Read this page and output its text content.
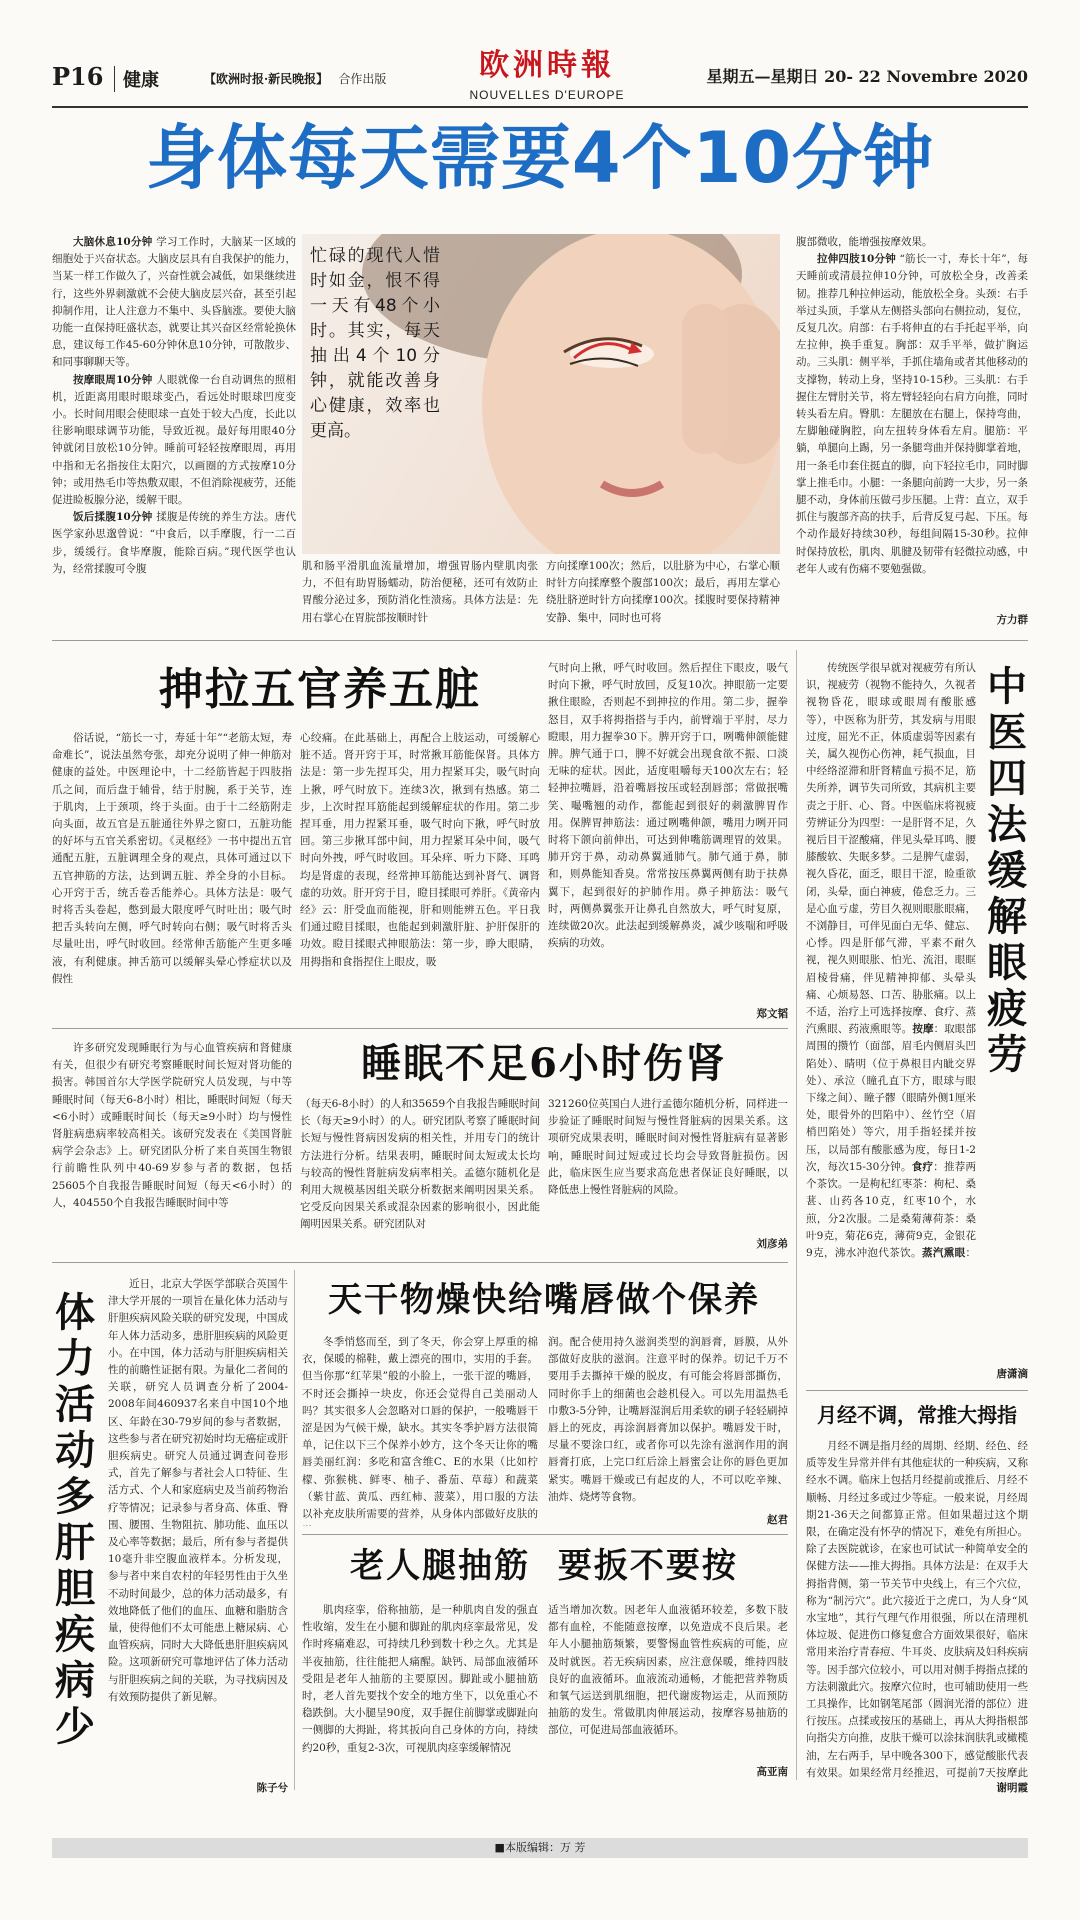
P16	健康	【欧洲时报·新民晚报】 合作出版	欧洲時報
NOUVELLES D'EUROPE
星期五—星期日 20- 22 Novembre 2020
身体每天需要4个10分钟

大脑休息10分钟 学习工作时，大脑某一区域的细胞处于兴奋状态。大脑皮层具有自我保护的能力，当某一样工作做久了，兴奋性就会减低，如果继续进行，这些外界刺激就不会使大脑皮层兴奋，甚至引起抑制作用，让人注意力不集中、头昏脑涨。要使大脑功能一直保持旺盛状态，就要让其兴奋区经常轮换休息，建议每工作45-60分钟休息10分钟，可散散步、和同事聊聊天等。

按摩眼周10分钟 人眼就像一台自动调焦的照相机，近距离用眼时眼球变凸，看远处时眼球凹度变小。长时间用眼会使眼球一直处于较大凸度，长此以往影响眼球调节功能，导致近视。最好每用眼40分钟就闭目放松10分钟。睡前可轻轻按摩眼周，再用中指和无名指按住太阳穴，以画圈的方式按摩10分钟；或用热毛巾等热敷双眼，不但消除视疲劳，还能促进睑板腺分泌，缓解干眼。

饭后揉腹10分钟 揉腹是传统的养生方法。唐代医学家孙思邈曾说：“中食后，以手摩腹，行一二百步，缓缓行。食毕摩腹，能除百病。”现代医学也认为，经常揉腹可令腹

忙碌的现代人惜时如金，恨不得一天有48个小时。其实，每天抽出4个10分钟，就能改善身心健康，效率也更高。

肌和肠平滑肌血流量增加，增强胃肠内壁肌肉张力，不但有助胃肠蠕动，防治便秘，还可有效防止胃酸分泌过多，预防消化性溃疡。具体方法是：先用右掌心在胃脘部按顺时针

方向揉摩100次；然后，以肚脐为中心，右掌心顺时针方向揉摩整个腹部100次；最后，再用左掌心绕肚脐逆时针方向揉摩100次。揉腹时要保持精神安静、集中，同时也可将

腹部微收，能增强按摩效果。

拉伸四肢10分钟 “筋长一寸，寿长十年”，每天睡前或清晨拉伸10分钟，可放松全身，改善柔韧。推荐几种拉伸运动，能放松全身。头颈：右手举过头顶，手掌从左侧搭头部向右侧拉动，复位，反复几次。肩部：右手将伸直的右手托起平举，向左拉伸，换手重复。胸部：双手平举，做扩胸运动。三头肌：侧平举，手抓住墙角或者其他移动的支撑物，转动上身，坚持10-15秒。三头肌：右手握住左臂肘关节，将左臂轻轻向右肩方向推，同时转头看左肩。臀肌：左腿放在右腿上，保持弯曲，左脚触碰胸腔，向左扭转身体看左肩。腿筋：平躺，单腿向上踢，另一条腿弯曲并保持脚掌着地，用一条毛巾套住挺直的脚，向下轻拉毛巾，同时脚掌上推毛巾。小腿：一条腿向前跨一大步，另一条腿不动，身体前压做弓步压腿。上背：直立，双手抓住与腹部齐高的扶手，后背反复弓起、下压。每个动作最好持续30秒，每组间隔15-30秒。拉伸时保持放松，肌肉、肌腱及韧带有轻微拉动感，中老年人或有伤痛不要勉强做。

方力群
抻拉五官养五脏

俗话说，“筋长一寸，寿延十年”“老筋太短，寿命难长”，说法虽然夸张，却充分说明了伸一伸筋对健康的益处。中医理论中，十二经筋皆起于四肢指爪之间，而后盘于辅骨，结于肘腕，系于关节，连于肌肉，上于颈项，终于头面。由于十二经筋附走向头面，故五官是五脏通往外界之窗口，五脏功能的好坏与五官关系密切。《灵枢经》一书中提出五官通配五脏，五脏调理全身的观点，具体可通过以下五官抻筋的方法，达到调五脏、养全身的小目标。心开窍于舌，统舌卷舌能养心。具体方法是：吸气时将舌头卷起，憋到最大限度呼气时吐出；吸气时把舌头转向左侧，呼气时转向右侧；吸气时将舌头尽量吐出，呼气时收回。经常伸舌筋能产生更多唾液，有利健康。抻舌筋可以缓解头晕心悸症状以及假性

心绞痛。在此基础上，再配合上肢运动，可缓解心脏不适。肾开窍于耳，时常揪耳筋能保肾。具体方法是：第一步先捏耳尖，用力捏紧耳尖，吸气时向上揪，呼气时放下。连续3次，揪到有热感。第二步，上次时捏耳筋能起到缓解症状的作用。第二步捏耳垂，用力捏紧耳垂，吸气时向下揪，呼气时放回。第三步揪耳部中间，用力捏紧耳朵中间，吸气时向外拽，呼气时收回。耳朵痒、听力下降、耳鸣均是肾虚的表现，经常抻耳筋能达到补肾气、调肾虚的功效。肝开窍于目，瞪目揉眼可养肝。《黄帝内经》云：肝受血而能视，肝和则能辨五色。平日我们通过瞪目揉眼，也能起到刺激肝脏、护肝保肝的功效。瞪目揉眼式抻眼筋法：第一步，睁大眼睛，用拇指和食指捏住上眼皮，吸

气时向上揪，呼气时收回。然后捏住下眼皮，吸气时向下揪，呼气时放回，反复10次。抻眼筋一定要揪住眼睑，否则起不到抻拉的作用。第二步，握拳怒目，双手将拇指搭与手内，前臂端于平肘，尽力瞪眼，用力握拳30下。脾开窍于口，咧嘴伸颌能健脾。脾气通于口，脾不好就会出现食欲不振、口淡无味的症状。因此，适度咀嚼每天100次左右；轻轻抻拉嘴唇，沿着嘴唇按压或轻刮唇部；常做抿嘴笑、嘬嘴翘的动作，都能起到很好的刺激脾胃作用。保脾胃抻筋法：通过咧嘴伸颌，嘴用力咧开同时将下颌向前伸出，可达到伸嘴筋调理胃的效果。肺开窍于鼻，动动鼻翼通肺气。肺气通于鼻，肺和，则鼻能知香臭。常常按压鼻翼两侧有助于扶鼻翼下，起到很好的护肺作用。鼻子抻筋法：吸气时，两侧鼻翼张开让鼻孔自然放大，呼气时复原，连续做20次。此法起到缓解鼻炎，减少咳喘和呼吸疾病的功效。

郑文韬

传统医学很早就对视疲劳有所认识，视疲劳（视物不能持久，久视者视物昏花，眼球或眼周有酸胀感等），中医称为肝劳，其发病与用眼过度，屈光不正，体质虚弱等因素有关，属久视伤心伤神，耗气损血，目中经络涩滞和肝肾精血亏损不足，筋失所养，调节失司所致，其病机主要责之于肝、心、肾。中医临床将视疲劳辨证分为四型：一是肝肾不足，久视后目干涩酸痛，伴见头晕耳鸣、腰膝酸软、失眠多梦。二是脾气虚弱，视久昏花，面乏，眼目干涩，睑重欲闭，头晕，面白神疲，倦怠乏力。三是心血亏虚，劳目久视则眼胀眼痛，不浏静目，可伴见面白无华、健忘、心悸。四是肝郁气滞，平素不耐久视，视久则眼胀、怕光、流泪，眼眶眉棱骨痛，伴见精神抑郁、头晕头痛、心烦易怒、口苦、胁胀痛。以上不适，治疗上可选择按摩、食疗、蒸汽熏眼、药液熏眼等。按摩：取眼部周围的攒竹（面部，眉毛内侧眉头凹陷处）、睛明（位于鼻根目内眦交界处）、承泣（瞳孔直下方，眼球与眼下缘之间）、瞳子髎（眼睛外侧1厘米处，眼骨外的凹陷中）、丝竹空（眉梢凹陷处）等穴，用手指轻揉并按压，以局部有酸胀感为度，每日1-2次，每次15-30分钟。食疗：推荐两个茶饮。一是枸杞红枣茶：枸杞、桑葚、山药各10克，红枣10个，水煎，分2次服。二是桑菊薄荷茶：桑叶9克，菊花6克，薄荷9克，金银花9克，沸水冲泡代茶饮。蒸汽熏眼：

中医四法缓解眼疲劳
唐潇滴
睡眠不足6小时伤肾

许多研究发现睡眠行为与心血管疾病和肾健康有关，但很少有研究考察睡眠时间长短对肾功能的损害。韩国首尔大学医学院研究人员发现，与中等睡眠时间（每天6-8小时）相比，睡眠时间短（每天<6小时）或睡眠时间长（每天≥9小时）均与慢性肾脏病患病率较高相关。该研究发表在《美国肾脏病学会杂志》上。研究团队分析了来自英国生物银行前瞻性队列中40-69岁参与者的数据，包括25605个自我报告睡眠时间短（每天<6小时）的人，404550个自我报告睡眠时间中等

（每天6-8小时）的人和35659个自我报告睡眠时间长（每天≥9小时）的人。研究团队考察了睡眠时间长短与慢性肾病因发病的相关性，并用专门的统计方法进行分析。结果表明，睡眠时间太短或太长均与较高的慢性肾脏病发病率相关。孟德尔随机化是利用大规模基因组关联分析数据来阐明因果关系。它受反向因果关系或混杂因素的影响很小，因此能阐明因果关系。研究团队对

321260位英国白人进行孟德尔随机分析，同样进一步验证了睡眠时间短与慢性肾脏病的因果关系。这项研究成果表明，睡眠时间对慢性肾脏病有显著影响，睡眠时间过短或过长均会导致肾脏损伤。因此，临床医生应当要求高危患者保证良好睡眠，以降低患上慢性肾脏病的风险。

刘彦弟
体力活动多肝胆疾病少

近日，北京大学医学部联合英国牛津大学开展的一项旨在量化体力活动与肝胆疾病风险关联的研究发现，中国成年人体力活动多，患肝胆疾病的风险更小。在中国，体力活动与肝胆疾病相关性的前瞻性证据有限。为量化二者间的关联，研究人员调查分析了2004-2008年间460937名来自中国10个地区、年龄在30-79岁间的参与者数据，这些参与者在研究初始时均无癌症或肝胆疾病史。研究人员通过调查问卷形式，首先了解参与者社会人口特征、生活方式、个人和家庭病史及当前药物治疗等情况；记录参与者身高、体重、臀围、腰围、生物阻抗、肺功能、血压以及心率等数据；最后，所有参与者提供10毫升非空腹血液样本。分析发现，参与者中来自农村的年轻男性由于久坐不动时间最少，总的体力活动最多，有效地降低了他们的血压、血糖和脂肪含量，使得他们不太可能患上糖尿病、心血管疾病，同时大大降低患肝胆疾病风险。这项新研究可靠地评估了体力活动与肝胆疾病之间的关联，为寻找病因及有效预防提供了新见解。

陈子兮
天干物燥快给嘴唇做个保养

冬季悄悠而至，到了冬天，你会穿上厚重的棉衣，保暖的棉鞋，戴上漂亮的围巾，实用的手套。但当你那“红苹果”般的小脸上，一张干涩的嘴唇，不时还会撕掉一块皮，你还会觉得自己美丽动人吗？其实很多人会忽略对口唇的保护，一般嘴唇干涩是因为气候干燥，缺水。其实冬季护唇方法很简单，记住以下三个保养小妙方，这个冬天让你的嘴唇美丽红润：多吃和富含维C、E的水果（比如柠檬、弥猴桃、鲜枣、柚子、番茄、草莓）和蔬菜（紫甘蓝、黄瓜、西红柿、菠菜），用口服的方法以补充皮肤所需要的营养，从身体内部做好皮肤的

润。配合使用持久滋润类型的润唇膏，唇膜，从外部做好皮肤的滋润。注意平时的保养。切记千万不要用手去撕掉干燥的脱皮，有可能会将唇部撕伤，同时你手上的细菌也会趁机侵入。可以先用温热毛巾敷3-5分钟，让嘴唇湿润后用柔软的刷子轻轻刷掉唇上的死皮，再涂润唇膏加以保护。嘴唇发干时，尽量不要涂口红，或者你可以先涂有滋润作用的润唇膏打底，上完口红后涂上唇蜜会让你的唇色更加紧实。嘴唇干燥或已有起皮的人，不可以吃辛辣、油炸、烧烤等食物。

赵君
老人腿抽筋  要扳不要按

肌肉痉挛，俗称抽筋，是一种肌肉自发的强直性收缩，发生在小腿和脚趾的肌肉痉挛最常见，发作时疼痛难忍，可持续几秒到数十秒之久。尤其是半夜抽筋，往往能把人痛醒。缺钙、局部血液循环受阻是老年人抽筋的主要原因。脚趾或小腿抽筋时，老人首先要找个安全的地方坐下，以免重心不稳跌倒。大小腿呈90度，双手握住前脚掌或脚趾向一侧脚的大拇趾，将其扳向自己身体的方向，持续约20秒，重复2-3次，可视肌肉痉挛缓解情况

适当增加次数。因老年人血液循环较差，多数下肢都有血栓，不能随意按摩，以免造成不良后果。老年人小腿抽筋频繁，要警惕血管性疾病的可能，应及时就医。若无疾病因素，应注意保暖，维持四肢良好的血液循环。血液流动通畅，才能把营养物质和氧气运送到肌细胞，把代谢废物运走，从而预防抽筋的发生。常做肌肉伸展运动，按摩容易抽筋的部位，可促进局部血液循环。

高亚南
月经不调，常推大拇指

月经不调是指月经的周期、经期、经色、经质等发生异常并伴有其他症状的一种疾病，又称经水不调。临床上包括月经提前或推后、月经不顺畅、月经过多或过少等症。一般来说，月经周期21-36天之间都算正常。但如果超过这个期限，在确定没有怀孕的情况下，难免有所担心。除了去医院就诊，在家也可试试一种简单安全的保健方法——推大拇指。具体方法是：在双手大拇指背侧，第一节关节中央线上，有三个穴位，称为“制污穴”。此穴接近于之虎口，为人身“风水宝地”，其行气理气作用很强，所以在清理机体垃圾、促进伤口修复愈合方面效果很好，临床常用来治疗青春痘、牛耳炎、皮肤病及妇科疾病等。因手部穴位较小，可以用对侧手拇指点揉的方法刺激此穴。按摩穴位时，也可辅助使用一些工具操作，比如钢笔尾部（圆润光滑的部位）进行按压。点揉或按压的基础上，再从大拇指根部向指尖方向推，皮肤干燥可以涂抹润肤乳或橄榄油，左右两手，早中晚各300下，感觉酸胀代表有效果。如果经常月经推迟，可提前7天按摩此

谢明霞
■本版编辑：万 芳
